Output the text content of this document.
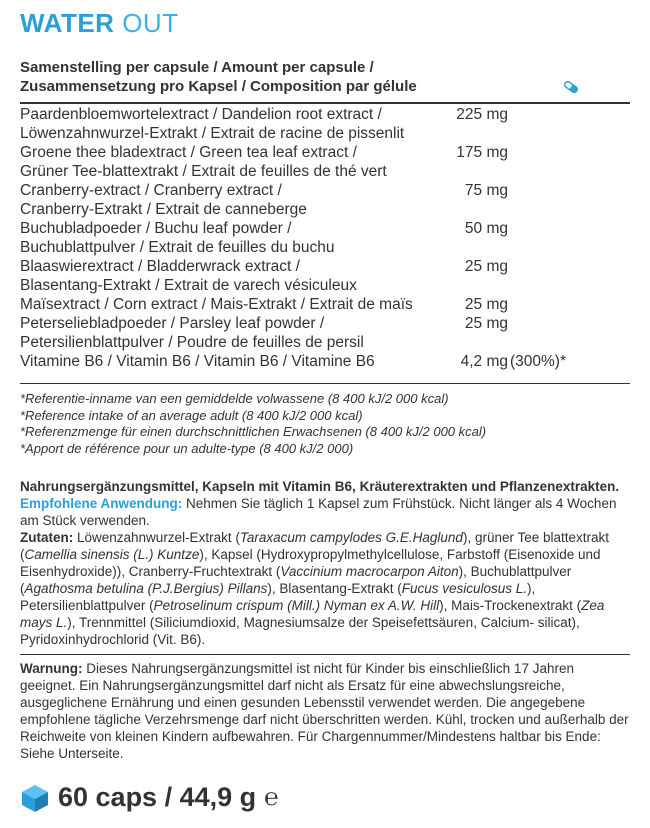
WATER OUT
Samenstelling per capsule / Amount per capsule /
Zusammensetzung pro Kapsel / Composition par gélule
Paardenbloemwortelextract / Dandelion root extract /	225 mg
Löwenzahnwurzel-Extrakt / Extrait de racine de pissenlit
Groene thee bladextract / Green tea leaf extract /	175 mg
Grüner Tee-blattextrakt / Extrait de feuilles de thé vert
Cranberry-extract / Cranberry extract /	75 mg
Cranberry-Extrakt / Extrait de canneberge
Buchubladpoeder / Buchu leaf powder /	50 mg
Buchublattpulver / Extrait de feuilles du buchu
Blaaswierextract / Bladderwrack extract /	25 mg
Blasentang-Extrakt / Extrait de varech vésiculeux
Maïsextract / Corn extract / Mais-Extrakt / Extrait de maïs	25 mg
Peterseliebladpoeder / Parsley leaf powder /	25 mg
Petersilienblattpulver / Poudre de feuilles de persil
Vitamine B6 / Vitamin B6 / Vitamin B6 / Vitamine B6	4,2 mg (300%)*
*Referentie-inname van een gemiddelde volwassene (8 400 kJ/2 000 kcal)
*Reference intake of an average adult (8 400 kJ/2 000 kcal)
*Referenzmenge für einen durchschnittlichen Erwachsenen (8 400 kJ/2 000 kcal)
*Apport de référence pour un adulte-type (8 400 kJ/2 000)
Nahrungsergänzungsmittel, Kapseln mit Vitamin B6, Kräuterextrakten und Pflanzenextrakten.
Empfohlene Anwendung: Nehmen Sie täglich 1 Kapsel zum Frühstück. Nicht länger als 4 Wochen am Stück verwenden.
Zutaten: Löwenzahnwurzel-Extrakt (Taraxacum campylodes G.E.Haglund), grüner Tee blattextrakt (Camellia sinensis (L.) Kuntze), Kapsel (Hydroxypropylmethylcellulose, Farbstoff (Eisenoxide und Eisenhydroxide)), Cranberry-Fruchtextrakt (Vaccinium macrocarpon Aiton), Buchublattpulver (Agathosma betulina (P.J.Bergius) Pillans), Blasentang-Extrakt (Fucus vesiculosus L.), Petersilienblattpulver (Petroselinum crispum (Mill.) Nyman ex A.W. Hill), Mais-Trockenextrakt (Zea mays L.), Trennmittel (Siliciumdioxid, Magnesiumsalze der Speisefettsäuren, Calcium- silicat), Pyridoxinhydrochlorid (Vit. B6).
Warnung: Dieses Nahrungsergänzungsmittel ist nicht für Kinder bis einschließlich 17 Jahren geeignet. Ein Nahrungsergänzungsmittel darf nicht als Ersatz für eine abwechslungsreiche, ausgeglichene Ernährung und einen gesunden Lebensstil verwendet werden. Die angegebene empfohlene tägliche Verzehrsmenge darf nicht überschritten werden. Kühl, trocken und außerhalb der Reichweite von kleinen Kindern aufbewahren. Für Chargennummer/Mindestens haltbar bis Ende: Siehe Unterseite.
60 caps / 44,9 g ℮
